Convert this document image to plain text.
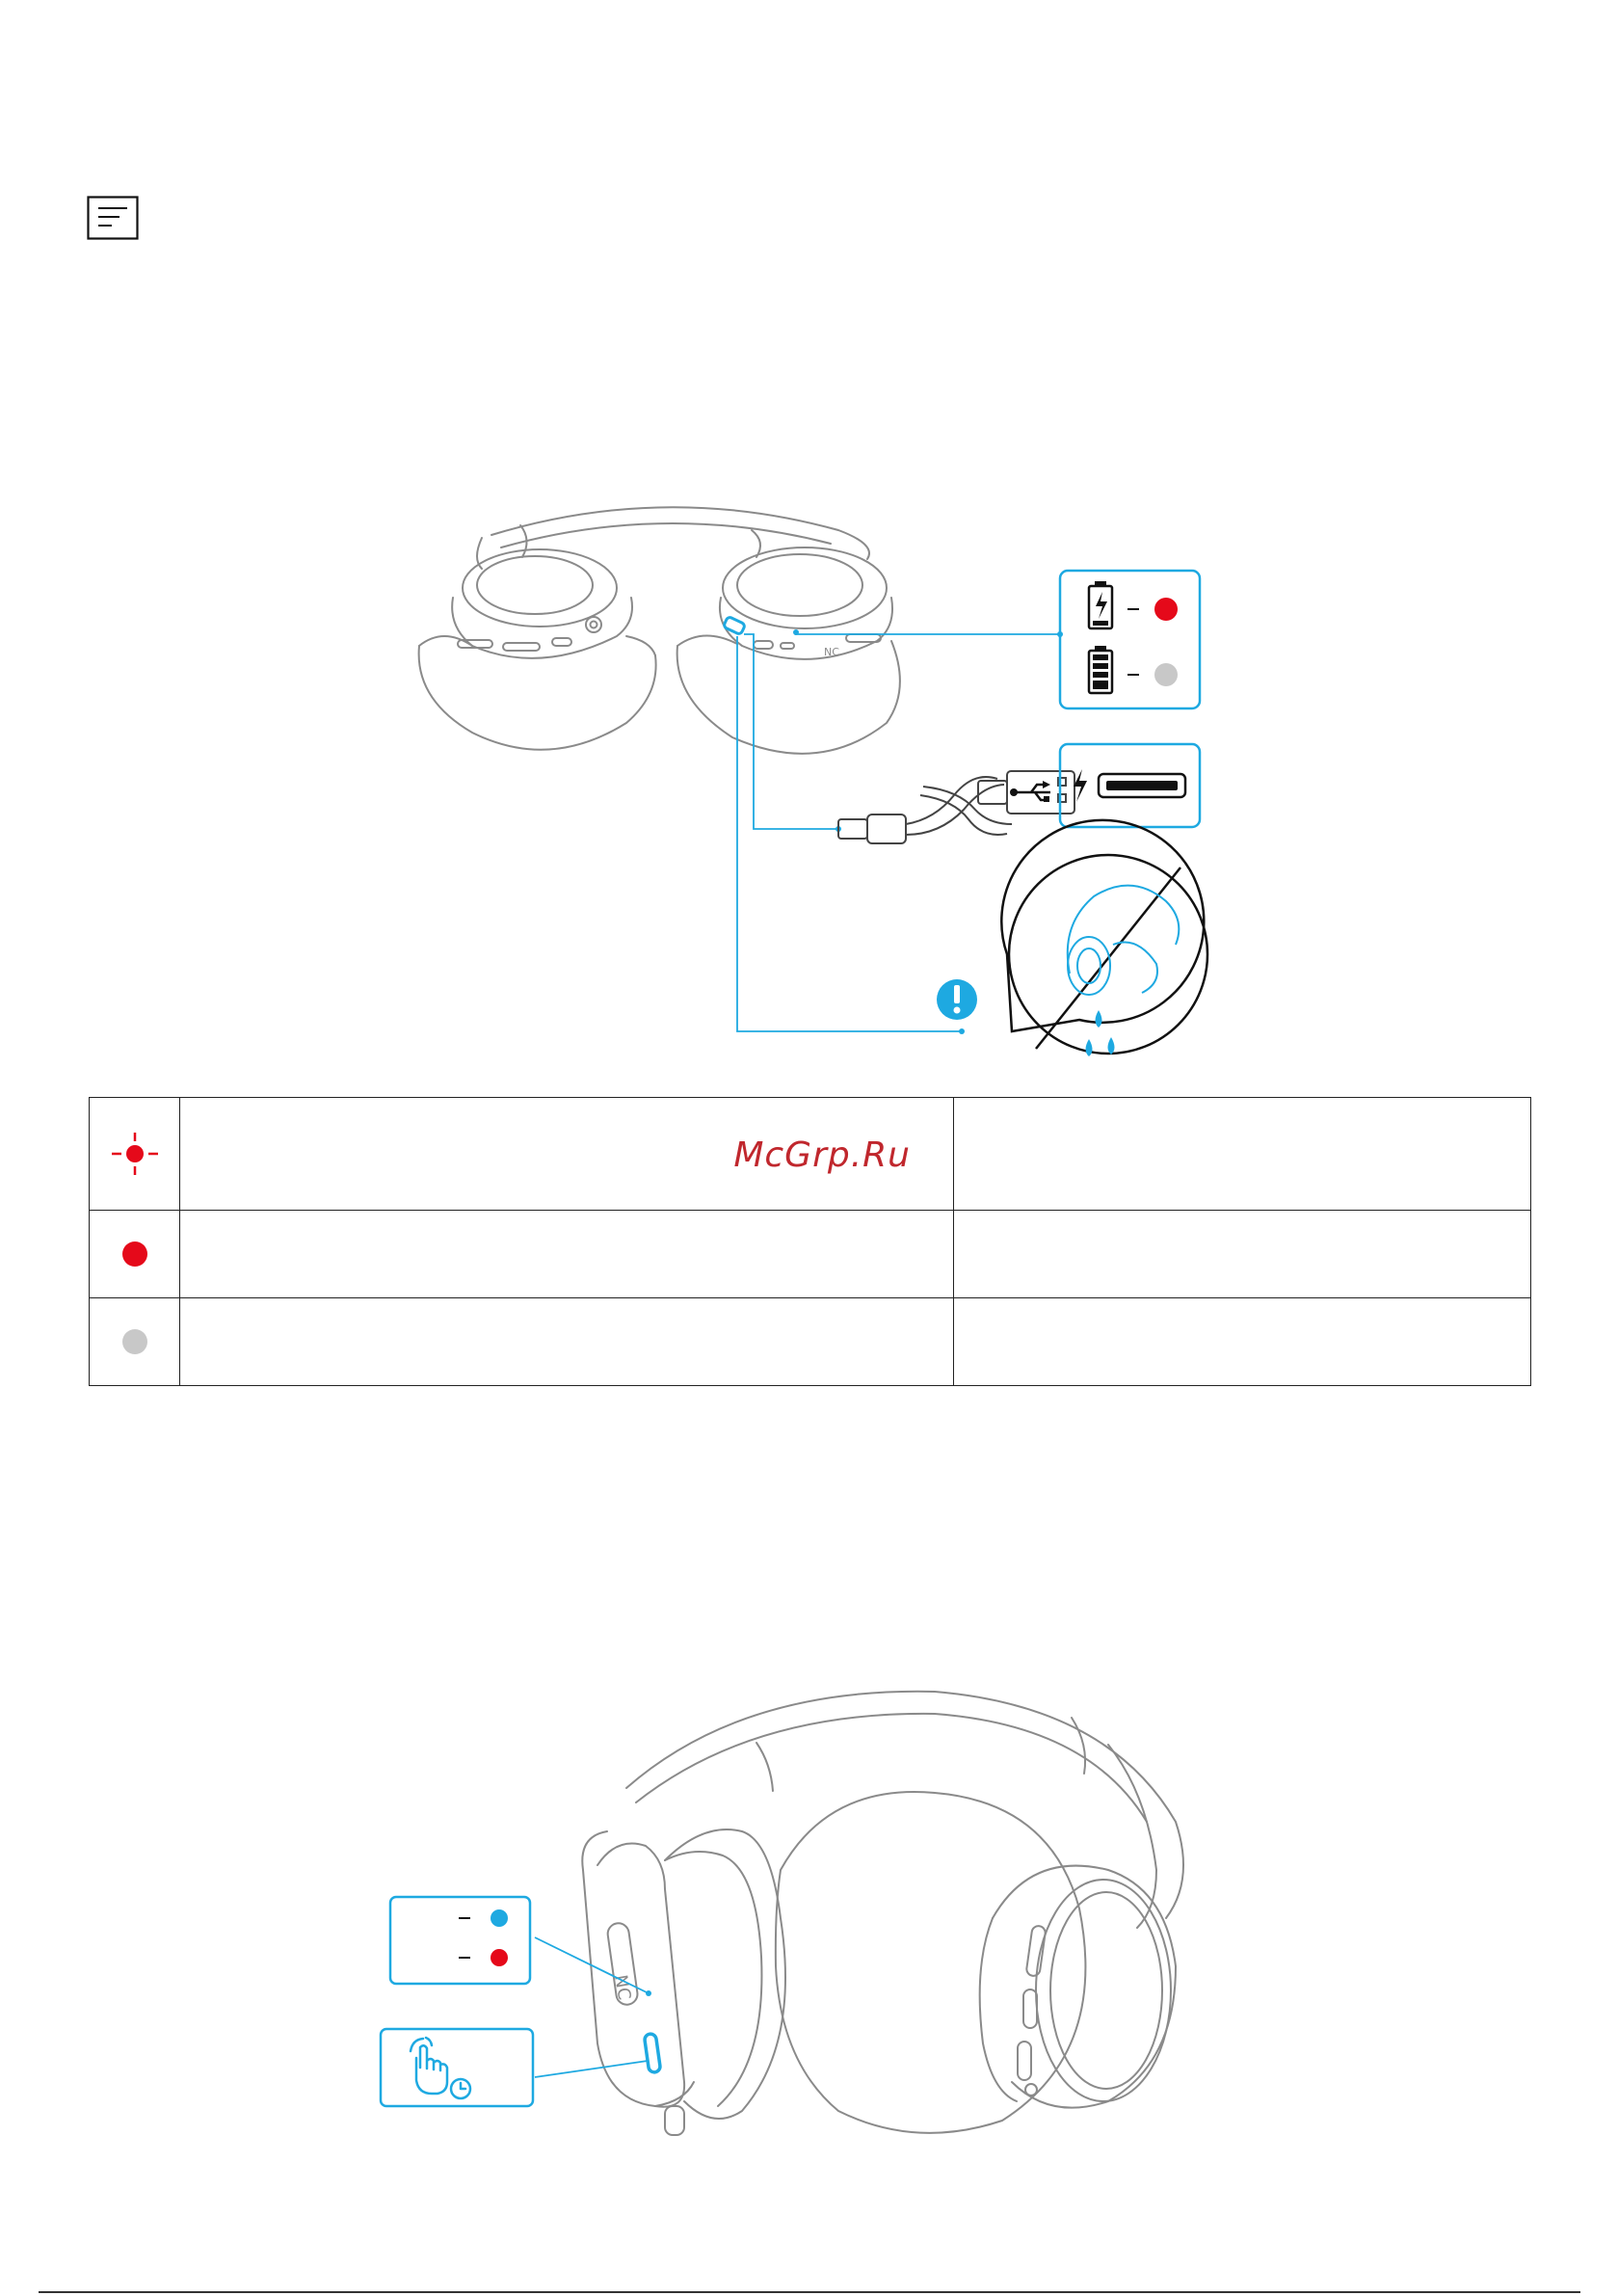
NC

McGrp.Ru	

NC
